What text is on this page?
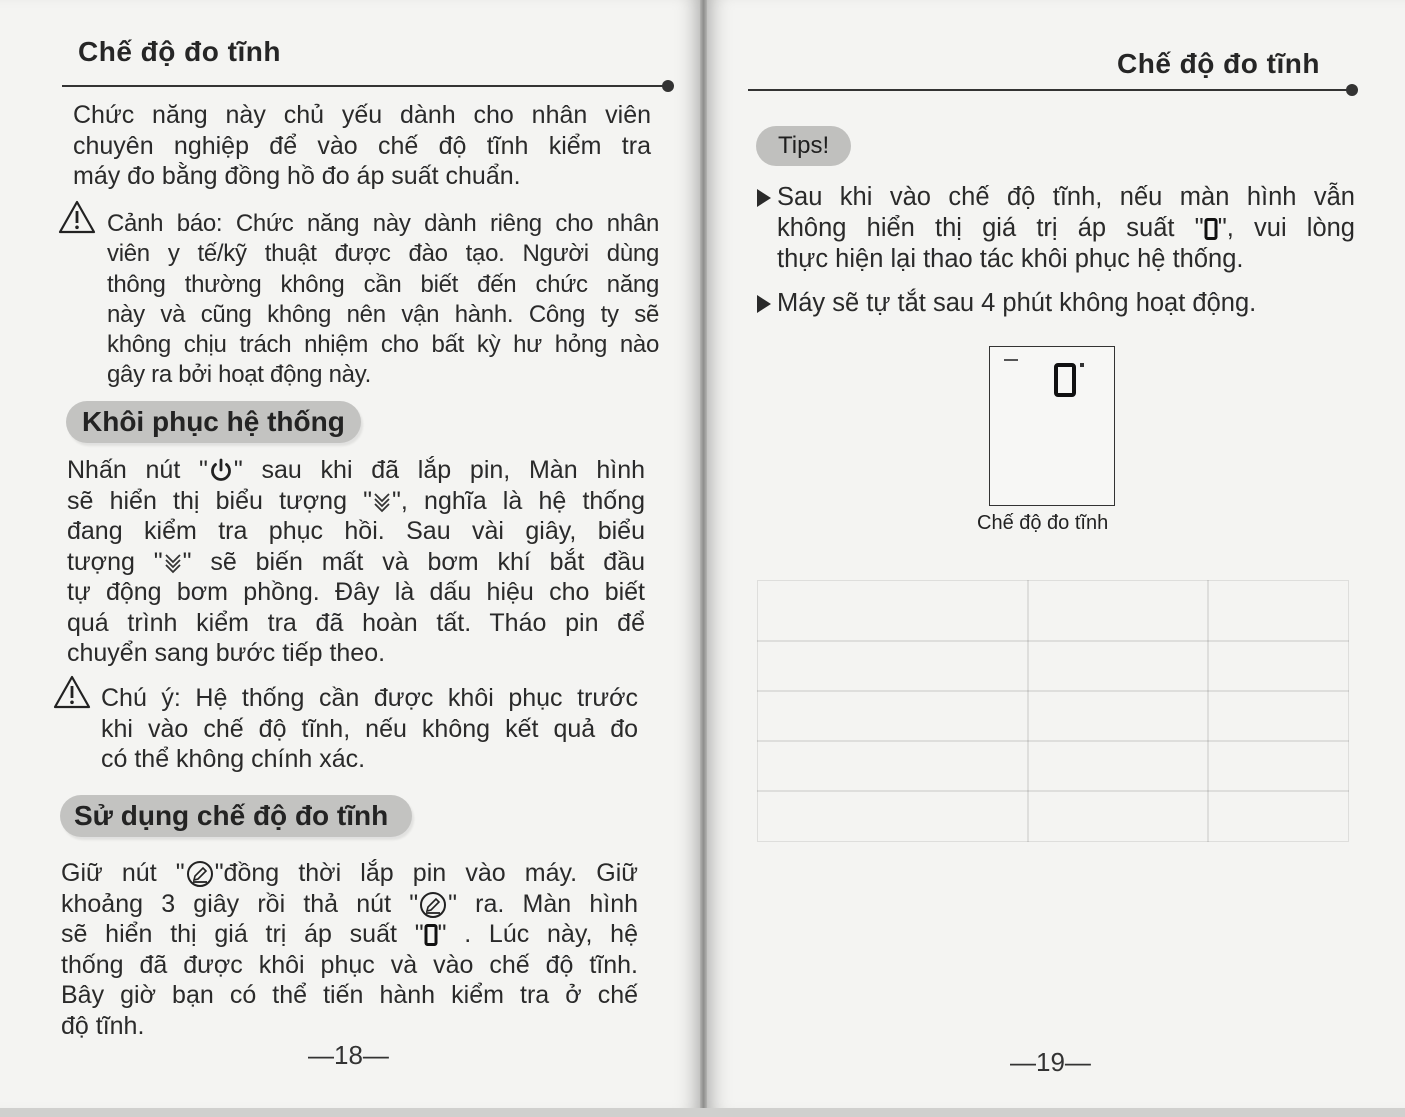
Chế độ đo tĩnh
Chức năng này chủ yếu dành cho nhân viên
chuyên nghiệp để vào chế độ tĩnh kiểm tra
máy đo bằng đồng hồ đo áp suất chuẩn.
Cảnh báo: Chức năng này dành riêng cho nhân
viên y tế/kỹ thuật được đào tạo. Người dùng
thông thường không cần biết đến chức năng
này và cũng không nên vận hành. Công ty sẽ
không chịu trách nhiệm cho bất kỳ hư hỏng nào
gây ra bởi hoạt động này.
Khôi phục hệ thống
Nhấn nút " " sau khi đã lắp pin, Màn hình
sẽ hiển thị biểu tượng " ", nghĩa là hệ thống
đang kiểm tra phục hồi. Sau vài giây, biểu
tượng " " sẽ biến mất và bơm khí bắt đầu
tự động bơm phồng. Đây là dấu hiệu cho biết
quá trình kiểm tra đã hoàn tất. Tháo pin để
chuyển sang bước tiếp theo.
Chú ý: Hệ thống cần được khôi phục trước
khi vào chế độ tĩnh, nếu không kết quả đo
có thể không chính xác.
Sử dụng chế độ đo tĩnh
Giữ nút " "đồng thời lắp pin vào máy. Giữ
khoảng 3 giây rồi thả nút " " ra. Màn hình
sẽ hiển thị giá trị áp suất " " . Lúc này, hệ
thống đã được khôi phục và vào chế độ tĩnh.
Bây giờ bạn có thể tiến hành kiểm tra ở chế
độ tĩnh.
—18—
Chế độ đo tĩnh
Tips!
Sau khi vào chế độ tĩnh, nếu màn hình vẫn
không hiển thị giá trị áp suất " ", vui lòng
thực hiện lại thao tác khôi phục hệ thống.
Máy sẽ tự tắt sau 4 phút không hoạt động.
Chế độ đo tĩnh
—19—
